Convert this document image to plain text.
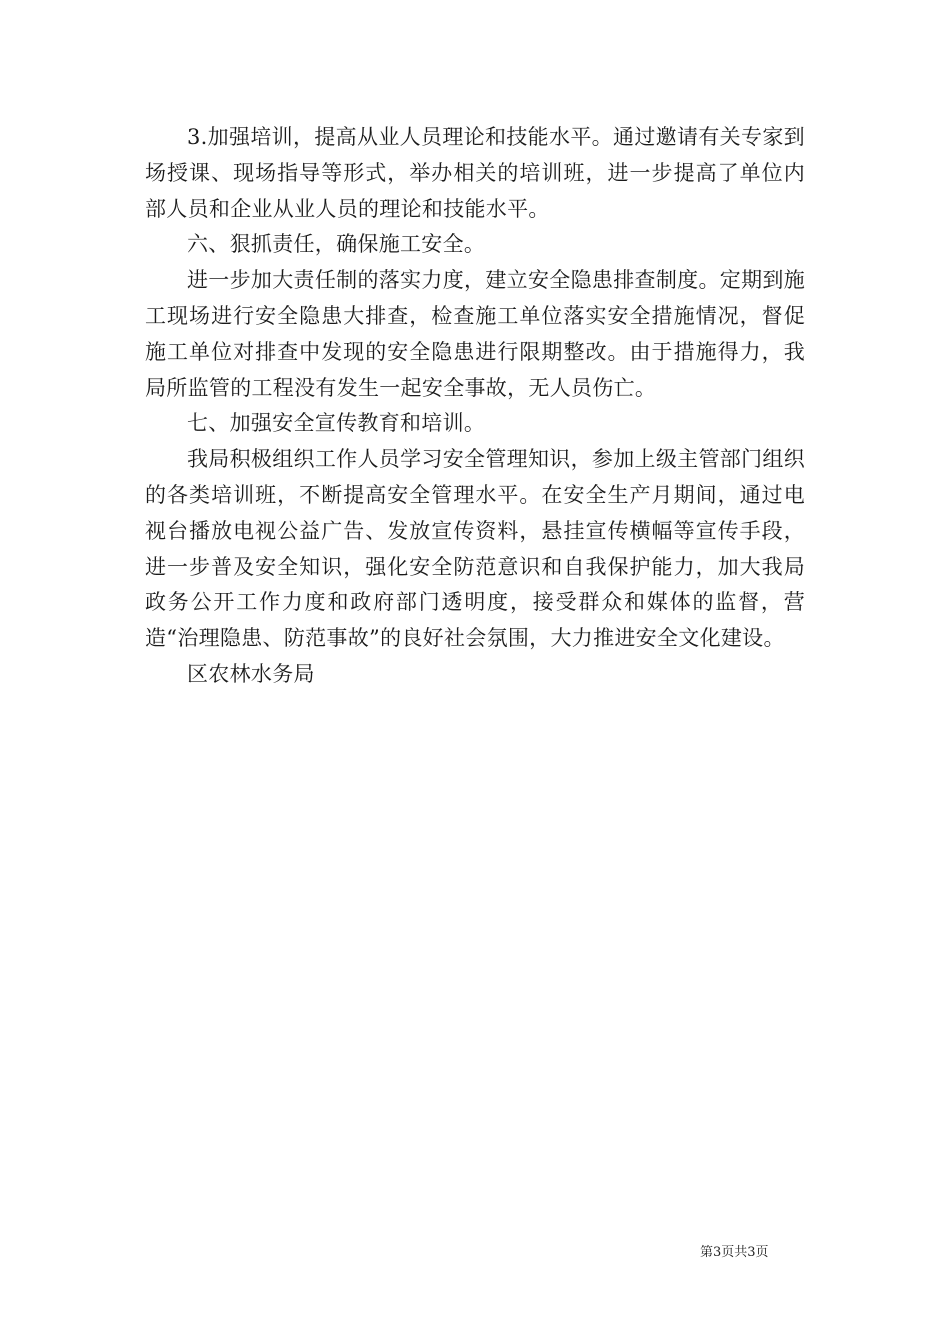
3.加强培训，提高从业人员理论和技能水平。通过邀请有关专家到场授课、现场指导等形式，举办相关的培训班，进一步提高了单位内部人员和企业从业人员的理论和技能水平。

六、狠抓责任，确保施工安全。

进一步加大责任制的落实力度，建立安全隐患排查制度。定期到施工现场进行安全隐患大排查，检查施工单位落实安全措施情况，督促施工单位对排查中发现的安全隐患进行限期整改。由于措施得力，我局所监管的工程没有发生一起安全事故，无人员伤亡。

七、加强安全宣传教育和培训。

我局积极组织工作人员学习安全管理知识，参加上级主管部门组织的各类培训班，不断提高安全管理水平。在安全生产月期间，通过电视台播放电视公益广告、发放宣传资料，悬挂宣传横幅等宣传手段，进一步普及安全知识，强化安全防范意识和自我保护能力，加大我局政务公开工作力度和政府部门透明度，接受群众和媒体的监督，营造“治理隐患、防范事故”的良好社会氛围，大力推进安全文化建设。

区农林水务局

第3页共3页
